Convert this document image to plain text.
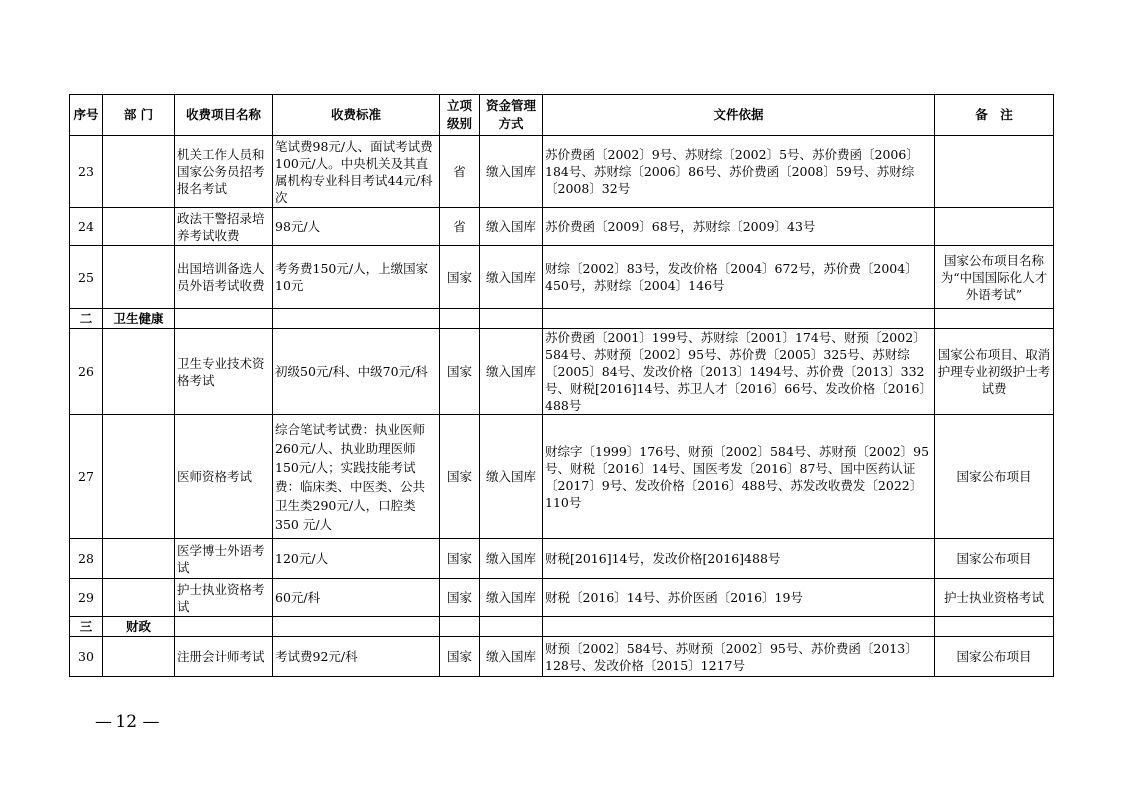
序号	部 门	收费项目名称	收费标准	立项级别	资金管理方式	文件依据	备　注
23		机关工作人员和国家公务员招考报名考试	笔试费98元/人、面试考试费100元/人。中央机关及其直属机构专业科目考试44元/科次	省	缴入国库	苏价费函〔2002〕9号、苏财综〔2002〕5号、苏价费函〔2006〕184号、苏财综〔2006〕86号、苏价费函〔2008〕59号、苏财综〔2008〕32号	
24		政法干警招录培养考试收费	98元/人	省	缴入国库	苏价费函〔2009〕68号，苏财综〔2009〕43号	
25		出国培训备选人员外语考试收费	考务费150元/人，上缴国家10元	国家	缴入国库	财综〔2002〕83号，发改价格〔2004〕672号，苏价费〔2004〕450号，苏财综〔2004〕146号	国家公布项目名称为“中国国际化人才外语考试”
二	卫生健康						
26		卫生专业技术资格考试	初级50元/科、中级70元/科	国家	缴入国库	苏价费函〔2001〕199号、苏财综〔2001〕174号、财预〔2002〕584号、苏财预〔2002〕95号、苏价费〔2005〕325号、苏财综〔2005〕84号、发改价格〔2013〕1494号、苏价费〔2013〕332号、财税[2016]14号、苏卫人才〔2016〕66号、发改价格〔2016〕488号	国家公布项目、取消护理专业初级护士考试费
27		医师资格考试	综合笔试考试费：执业医师260元/人、执业助理医师150元/人；实践技能考试费：临床类、中医类、公共卫生类290元/人，口腔类350 元/人	国家	缴入国库	财综字〔1999〕176号、财预〔2002〕584号、苏财预〔2002〕95号、财税〔2016〕14号、国医考发〔2016〕87号、国中医药认证〔2017〕9号、发改价格〔2016〕488号、苏发改收费发〔2022〕110号	国家公布项目
28		医学博士外语考试	120元/人	国家	缴入国库	财税[2016]14号，发改价格[2016]488号	国家公布项目
29		护士执业资格考试	60元/科	国家	缴入国库	财税〔2016〕14号、苏价医函〔2016〕19号	护士执业资格考试
三	财政						
30		注册会计师考试	考试费92元/科	国家	缴入国库	财预〔2002〕584号、苏财预〔2002〕95号、苏价费函〔2013〕128号、发改价格〔2015〕1217号	国家公布项目
— 12 —
